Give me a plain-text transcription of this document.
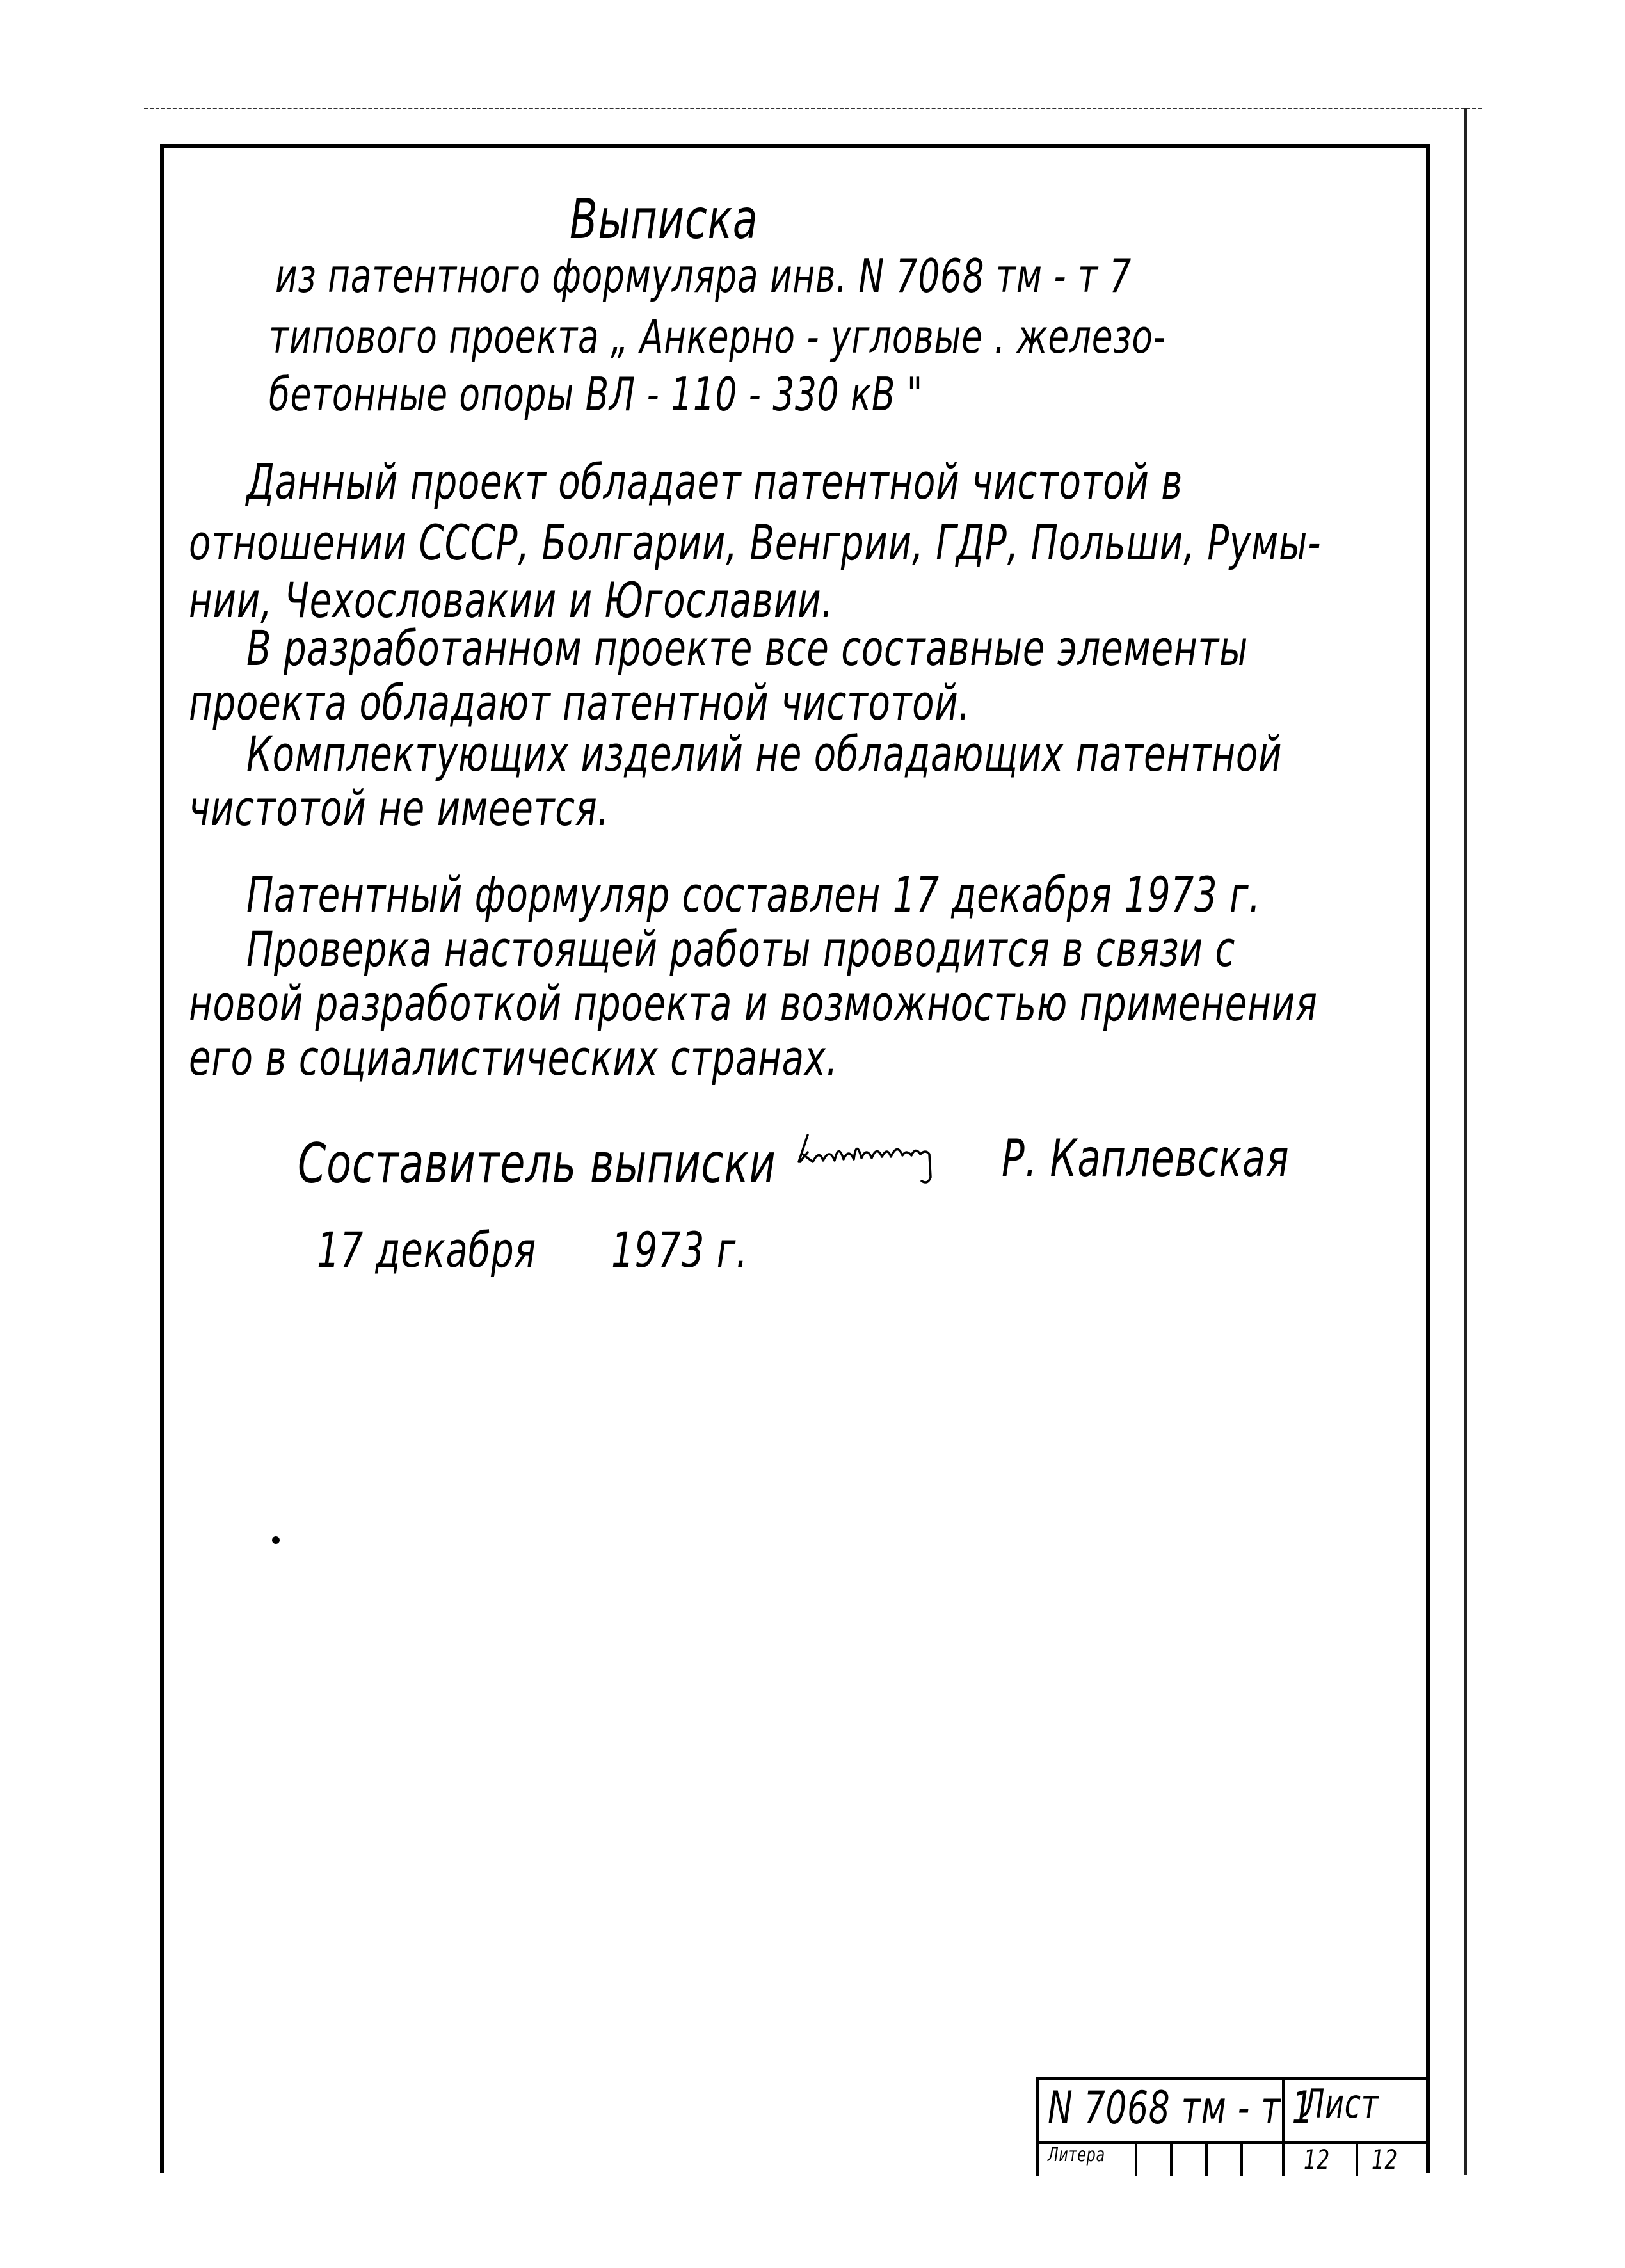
Выписка
из патентного формуляра инв. N 7068 тм - т 7
типового проекта „ Анкерно - угловые . железо-
бетонные опоры ВЛ - 110 - 330 кВ "
Данный проект обладает патентной чистотой в
отношении СССР, Болгарии, Венгрии, ГДР, Польши, Румы-
нии, Чехословакии и Югославии.
В разработанном проекте все составные элементы
проекта обладают патентной чистотой.
Комплектующих изделий не обладающих патентной
чистотой не имеется.
Патентный формуляр составлен 17 декабря 1973 г.
Проверка настоящей работы проводится в связи с
новой разработкой проекта и возможностью применения
его в социалистических странах.
Составитель выписки	Р. Каплевская
17 декабря 1973 г.
N 7068 тм - т 1
Лист
Литера	12 12
